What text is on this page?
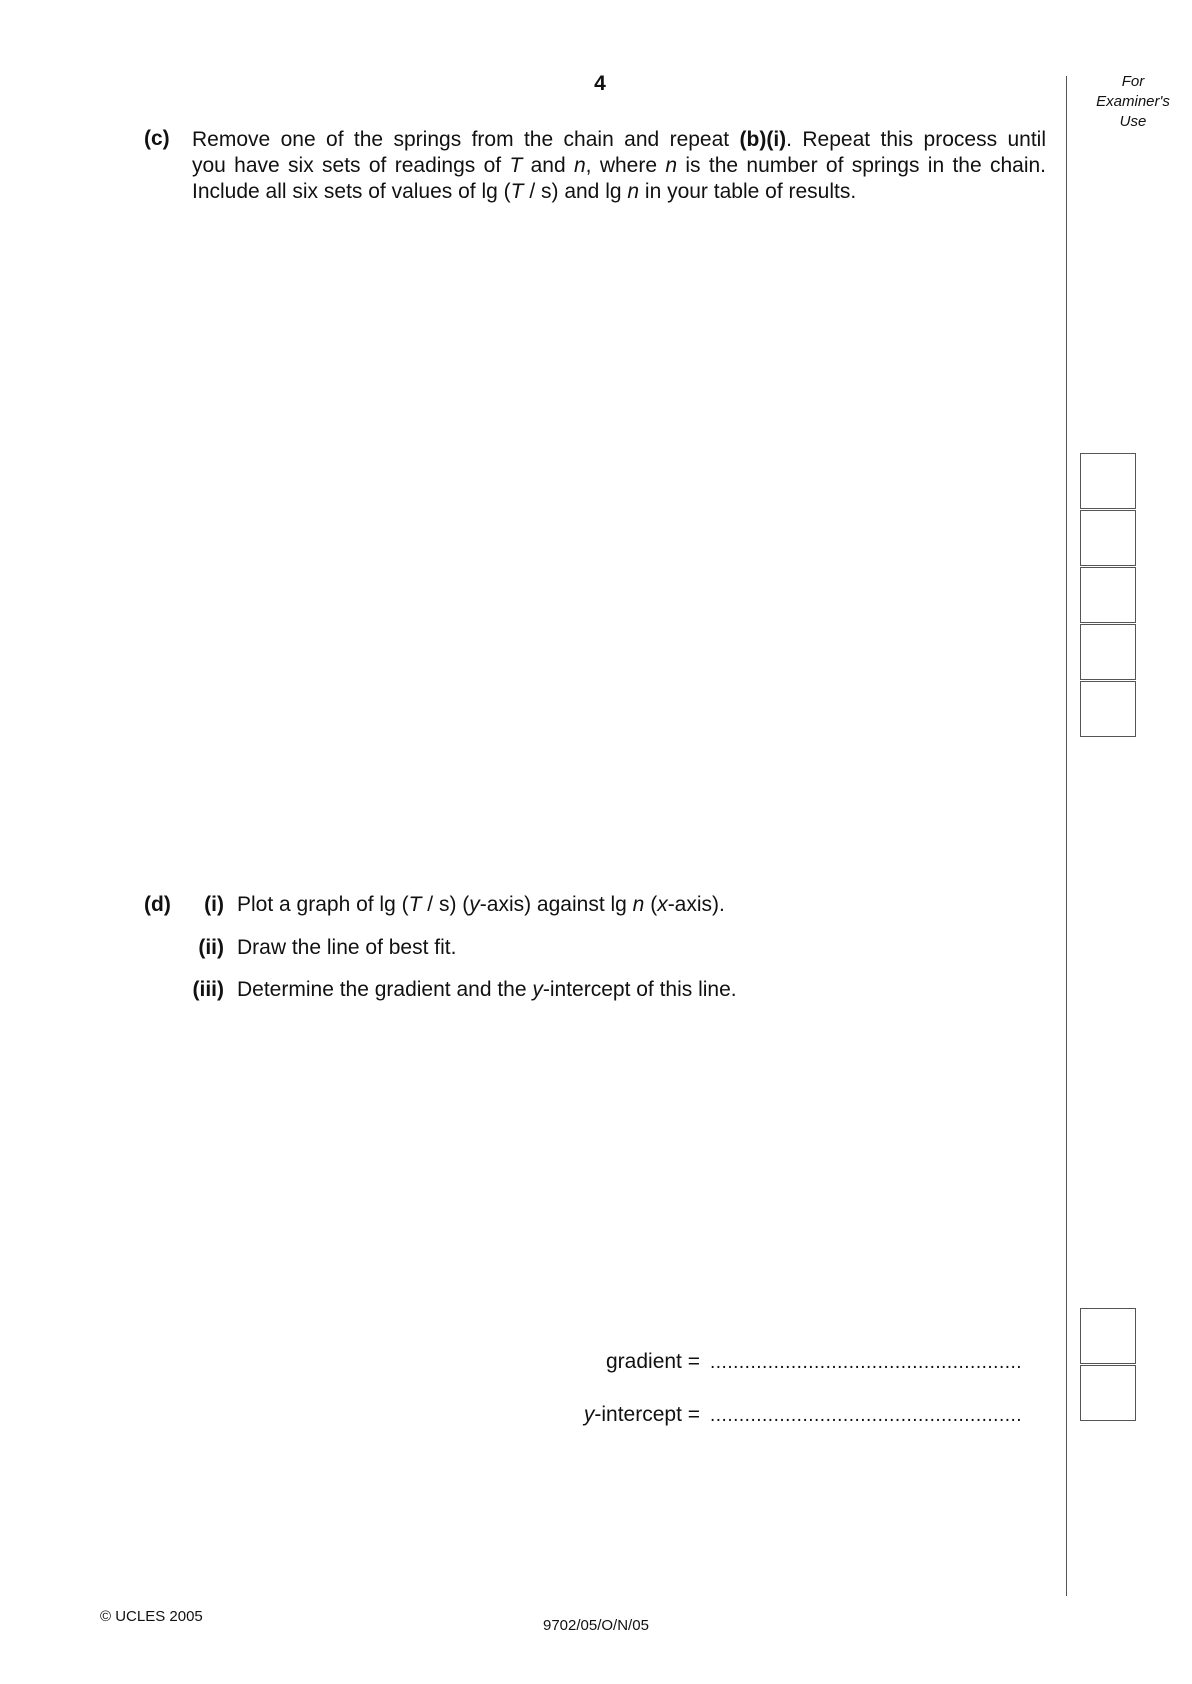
4	For
Examiner's
Use
(c) Remove one of the springs from the chain and repeat (b)(i). Repeat this process until
you have six sets of readings of T and n, where n is the number of springs in the chain.
Include all six sets of values of lg (T / s) and lg n in your table of results.
(d)	(i) Plot a graph of lg (T / s) (y-axis) against lg n (x-axis).
(ii) Draw the line of best fit.
(iii) Determine the gradient and the y-intercept of this line.
gradient = ......................................................
y-intercept = ......................................................
© UCLES 2005
9702/05/O/N/05
